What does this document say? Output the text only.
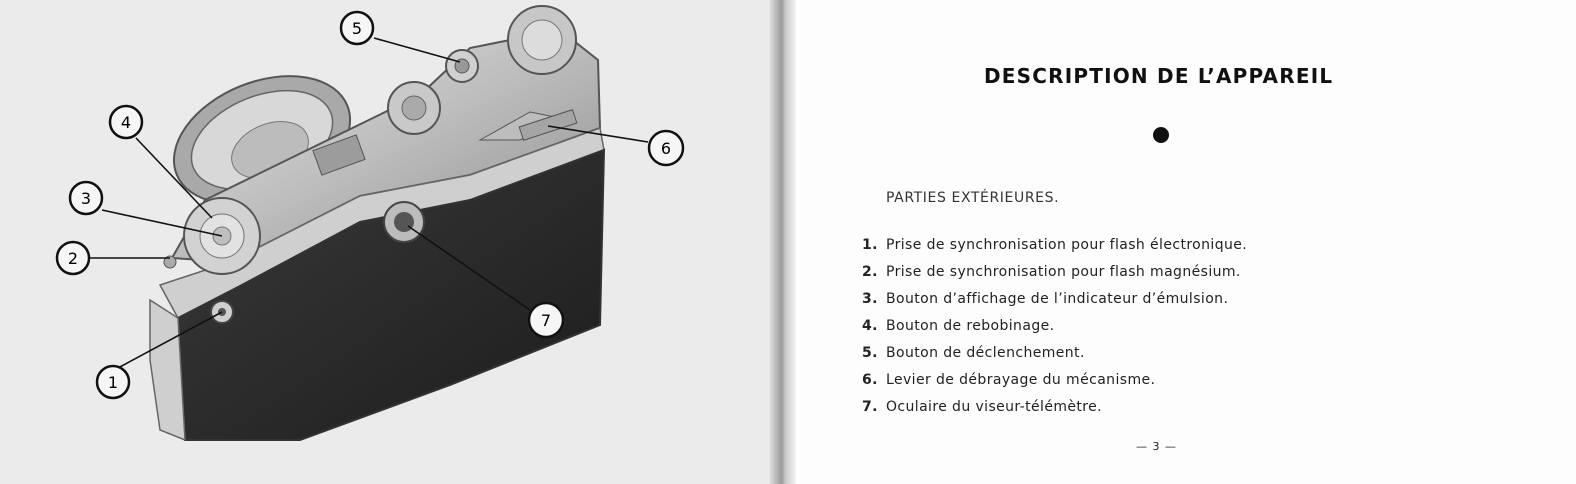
1
2
3
4
5
6
7
DESCRIPTION DE L’APPAREIL
PARTIES EXTÉRIEURES.
1. Prise de synchronisation pour flash électronique.
2. Prise de synchronisation pour flash magnésium.
3. Bouton d’affichage de l’indicateur d’émulsion.
4. Bouton de rebobinage.
5. Bouton de déclenchement.
6. Levier de débrayage du mécanisme.
7. Oculaire du viseur-télémètre.
— 3 —
